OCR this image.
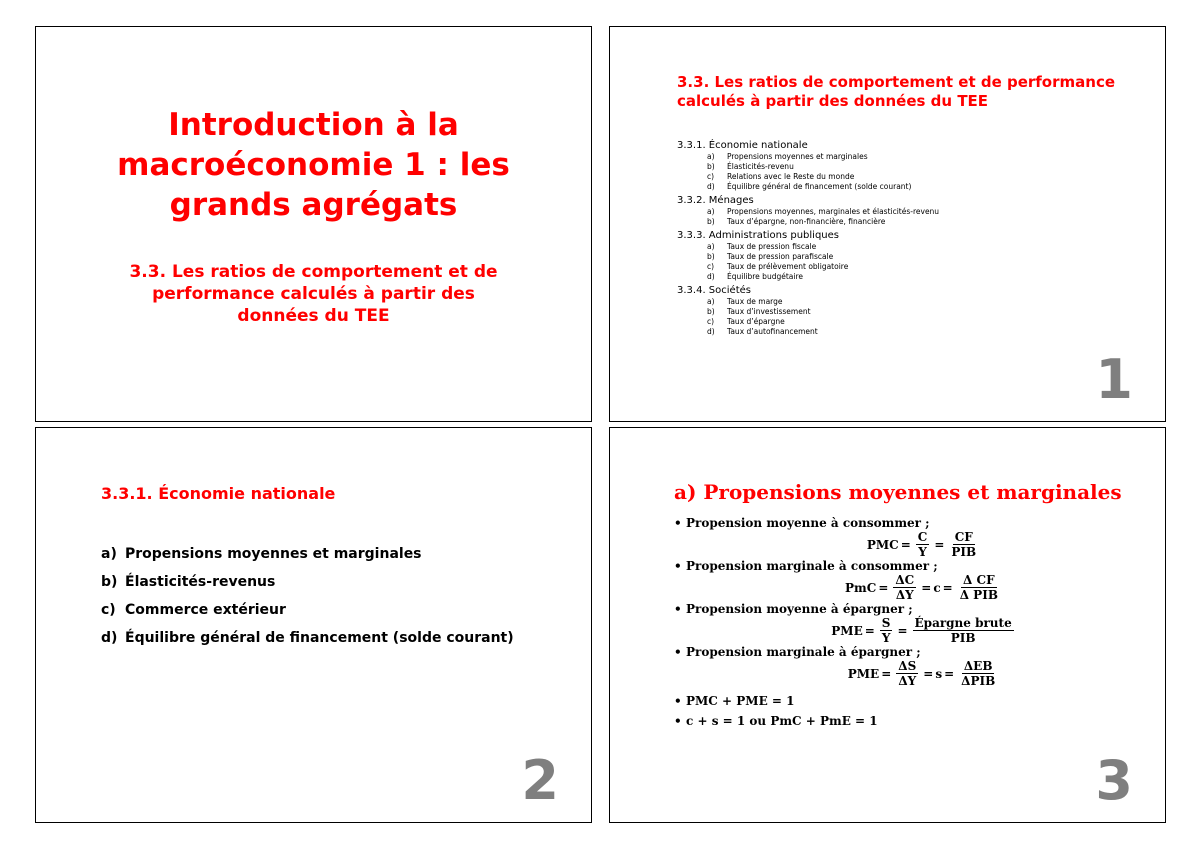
Introduction à la
macroéconomie 1 : les
grands agrégats
3.3. Les ratios de comportement et de
performance calculés à partir des
données du TEE
3.3. Les ratios de comportement et de performance
calculés à partir des données du TEE
3.3.1. Économie nationale
a)	Propensions moyennes et marginales
b)	Élasticités-revenu
c)	Relations avec le Reste du monde
d)	Équilibre général de financement (solde courant)
3.3.2. Ménages
a)	Propensions moyennes, marginales et élasticités-revenu
b)	Taux d’épargne, non-financière, financière
3.3.3. Administrations publiques
a)	Taux de pression fiscale
b)	Taux de pression parafiscale
c)	Taux de prélèvement obligatoire
d)	Équilibre budgétaire
3.3.4. Sociétés
a)	Taux de marge
b)	Taux d’investissement
c)	Taux d’épargne
d)	Taux d’autofinancement
1
3.3.1. Économie nationale
a) Propensions moyennes et marginales
b) Élasticités-revenus
c) Commerce extérieur
d) Équilibre général de financement (solde courant)
2
a) Propensions moyennes et marginales
• Propension moyenne à consommer ;
PMC = $\frac{C}{Y} = \frac{CF}{\text{PIB}}$
• Propension marginale à consommer ;
PmC = $\frac{\Delta C}{\Delta Y} = c = \frac{\text{Δ CF}}{\text{Δ PIB}}$
• Propension moyenne à épargner ;
PME = $\frac{S}{Y} = \frac{\text{Épargne brute}}{\text{PIB}}$
• Propension marginale à épargner ;
PME = $\frac{\Delta S}{\Delta Y} = s = \frac{\text{ΔEB}}{\text{ΔPIB}}$
• PMC + PME = 1
• c + s = 1 ou PmC + PmE = 1
3
